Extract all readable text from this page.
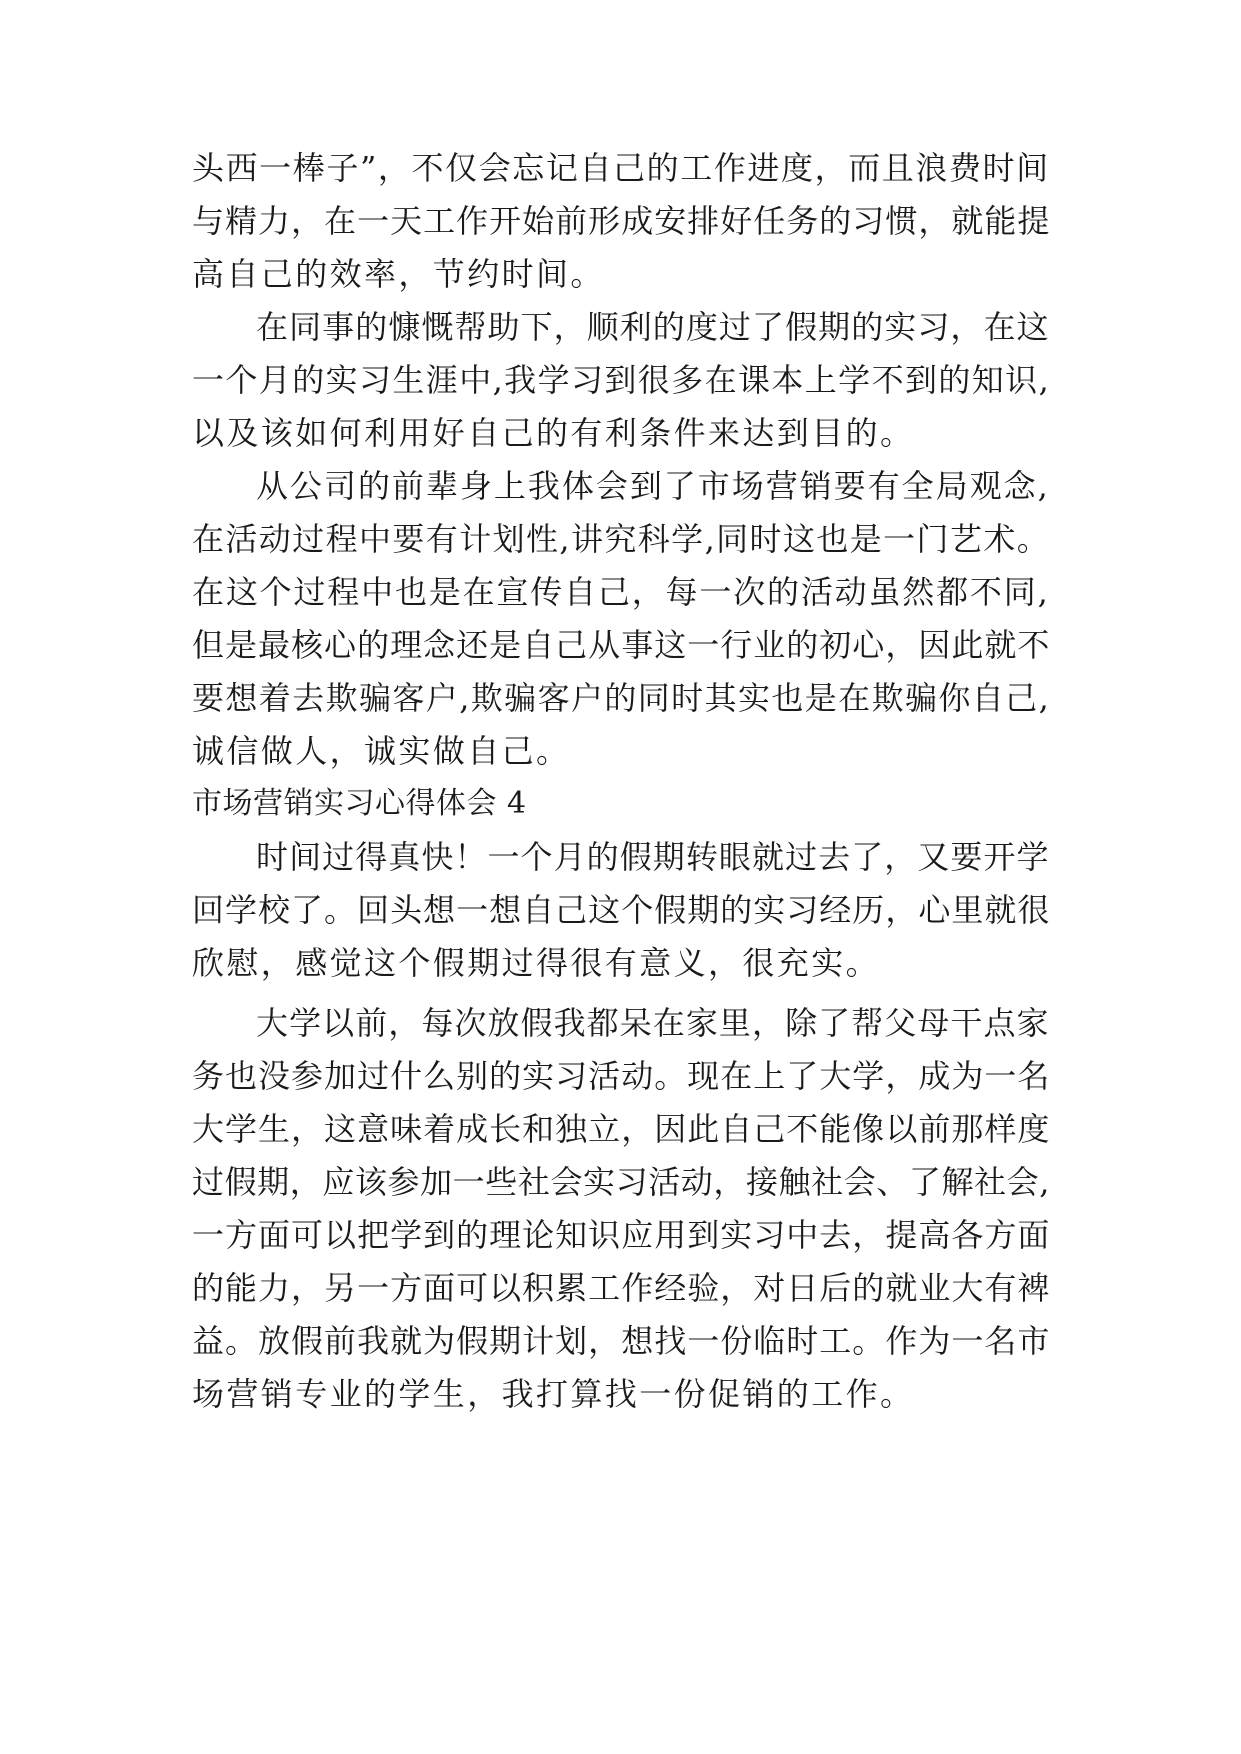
头西一棒子”，不仅会忘记自己的工作进度，而且浪费时间
与精力，在一天工作开始前形成安排好任务的习惯，就能提
高自己的效率，节约时间。
在同事的慷慨帮助下，顺利的度过了假期的实习，在这
一个月的实习生涯中,我学习到很多在课本上学不到的知识,
以及该如何利用好自己的有利条件来达到目的。
从公司的前辈身上我体会到了市场营销要有全局观念,
在活动过程中要有计划性,讲究科学,同时这也是一门艺术。
在这个过程中也是在宣传自己，每一次的活动虽然都不同,
但是最核心的理念还是自己从事这一行业的初心，因此就不
要想着去欺骗客户,欺骗客户的同时其实也是在欺骗你自己,
诚信做人，诚实做自己。
市场营销实习心得体会 4
时间过得真快！一个月的假期转眼就过去了，又要开学
回学校了。回头想一想自己这个假期的实习经历，心里就很
欣慰，感觉这个假期过得很有意义，很充实。
大学以前，每次放假我都呆在家里，除了帮父母干点家
务也没参加过什么别的实习活动。现在上了大学，成为一名
大学生，这意味着成长和独立，因此自己不能像以前那样度
过假期，应该参加一些社会实习活动，接触社会、了解社会,
一方面可以把学到的理论知识应用到实习中去，提高各方面
的能力，另一方面可以积累工作经验，对日后的就业大有裨
益。放假前我就为假期计划，想找一份临时工。作为一名市
场营销专业的学生，我打算找一份促销的工作。
